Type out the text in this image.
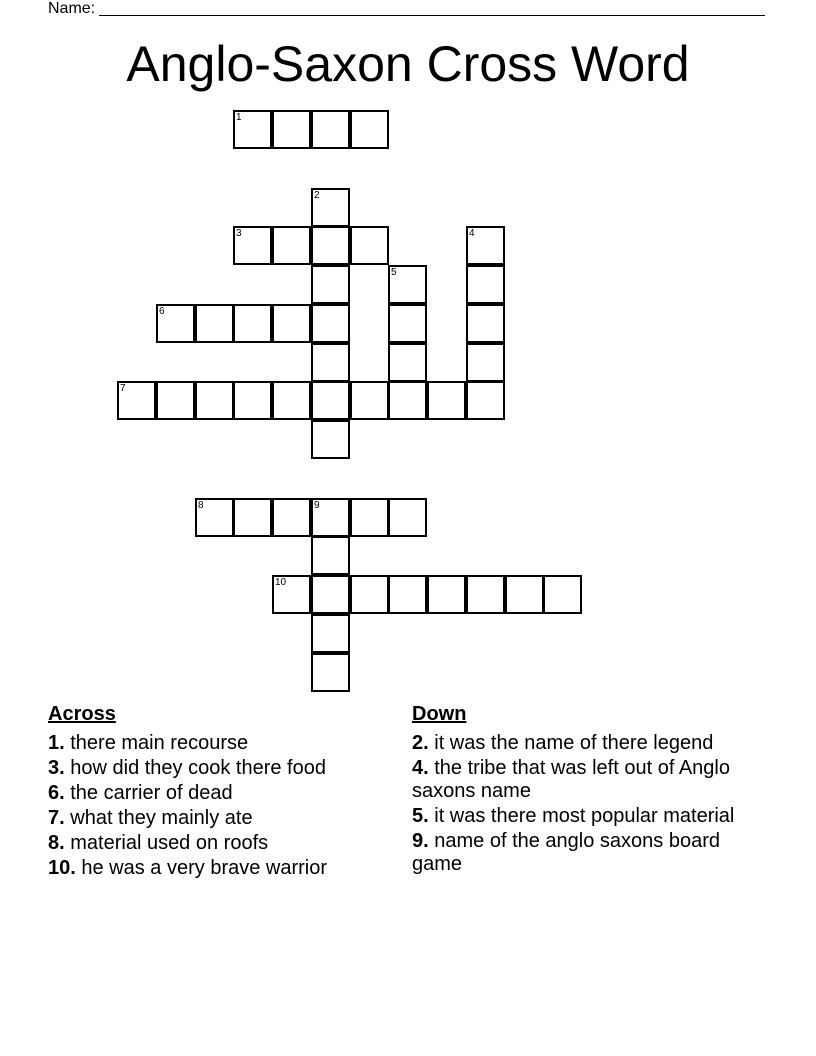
Name:
Anglo-Saxon Cross Word
1
2
3	4
5
6
7
8	9
10
Across
1. there main recourse
3. how did they cook there food
6. the carrier of dead
7. what they mainly ate
8. material used on roofs
10. he was a very brave warrior
Down
2. it was the name of there legend
4. the tribe that was left out of Anglo saxons name
5. it was there most popular material
9. name of the anglo saxons board game
